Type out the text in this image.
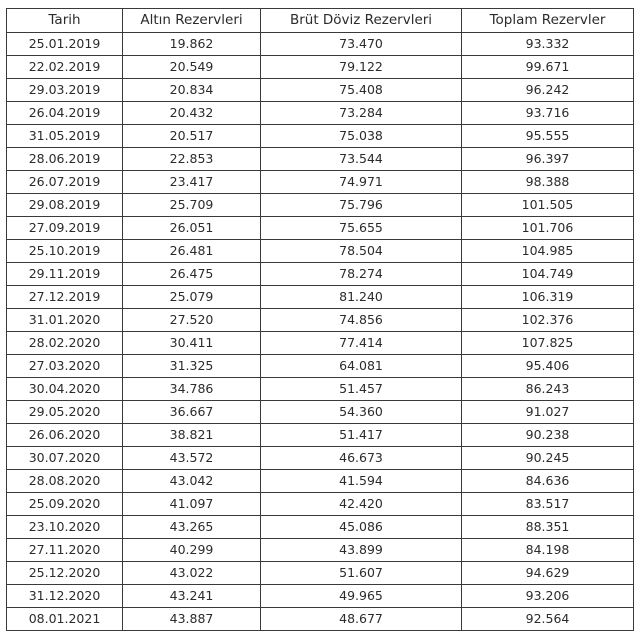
Tarih	Altın Rezervleri	Brüt Döviz Rezervleri	Toplam Rezervler
25.01.2019	19.862	73.470	93.332
22.02.2019	20.549	79.122	99.671
29.03.2019	20.834	75.408	96.242
26.04.2019	20.432	73.284	93.716
31.05.2019	20.517	75.038	95.555
28.06.2019	22.853	73.544	96.397
26.07.2019	23.417	74.971	98.388
29.08.2019	25.709	75.796	101.505
27.09.2019	26.051	75.655	101.706
25.10.2019	26.481	78.504	104.985
29.11.2019	26.475	78.274	104.749
27.12.2019	25.079	81.240	106.319
31.01.2020	27.520	74.856	102.376
28.02.2020	30.411	77.414	107.825
27.03.2020	31.325	64.081	95.406
30.04.2020	34.786	51.457	86.243
29.05.2020	36.667	54.360	91.027
26.06.2020	38.821	51.417	90.238
30.07.2020	43.572	46.673	90.245
28.08.2020	43.042	41.594	84.636
25.09.2020	41.097	42.420	83.517
23.10.2020	43.265	45.086	88.351
27.11.2020	40.299	43.899	84.198
25.12.2020	43.022	51.607	94.629
31.12.2020	43.241	49.965	93.206
08.01.2021	43.887	48.677	92.564
